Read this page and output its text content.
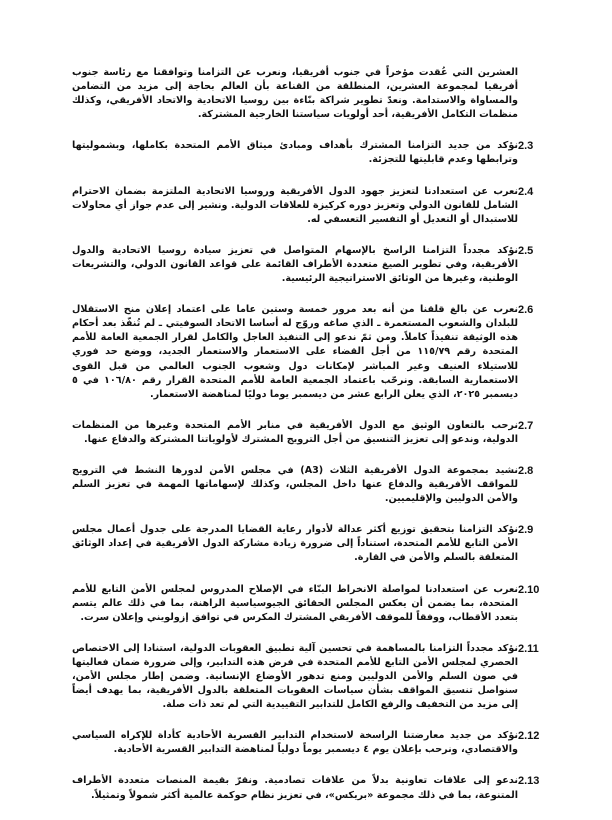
العشرين التي عُقدت مؤخراً في جنوب أفريقيا، ونعرب عن التزامنا وتوافقنا مع رئاسة جنوب أفريقيا لمجموعة العشرين، المنطلقة من القناعة بأن العالم بحاجة إلى مزيد من التضامن والمساواة والاستدامة. ونعدّ تطوير شراكة بنّاءة بين روسيا الاتحادية والاتحاد الأفريقي، وكذلك منظمات التكامل الأفريقية، أحد أولويات سياستنا الخارجية المشتركة.

2.3
نؤكد من جديد التزامنا المشترك بأهداف ومبادئ ميثاق الأمم المتحدة بكاملها، وبشموليتها وترابطها وعدم قابليتها للتجزئة.
2.4
نعرب عن استعدادنا لتعزيز جهود الدول الأفريقية وروسيا الاتحادية الملتزمة بضمان الاحترام الشامل للقانون الدولي وتعزيز دوره كركيزة للعلاقات الدولية. ونشير إلى عدم جواز أي محاولات للاستبدال أو التعديل أو التفسير التعسفي له.
2.5
نؤكد مجدداً التزامنا الراسخ بالإسهام المتواصل في تعزيز سيادة روسيا الاتحادية والدول الأفريقية، وفي تطوير الصيغ متعددة الأطراف القائمة على قواعد القانون الدولي، والتشريعات الوطنية، وغيرها من الوثائق الاستراتيجية الرئيسية.
2.6
نعرب عن بالغ قلقنا من أنه بعد مرور خمسة وستين عاما على اعتماد إعلان منح الاستقلال للبلدان والشعوب المستعمرة ـ الذي صاغه وروّج له أساسا الاتحاد السوفيتي ـ لم تُنفّذ بعد أحكام هذه الوثيقة تنفيذاً كاملاً. ومن ثمّ ندعو إلى التنفيذ العاجل والكامل لقرار الجمعية العامة للأمم المتحدة رقم ١١٥/٧٩ من أجل القضاء على الاستعمار والاستعمار الجديد، ووضع حد فوري للاستيلاء العنيف وغير المباشر لإمكانات دول وشعوب الجنوب العالمي من قبل القوى الاستعمارية السابقة. ونرحّب باعتماد الجمعية العامة للأمم المتحدة القرار رقم ١٠٦/٨٠ في ٥ ديسمبر ٢٠٢٥، الذي يعلن الرابع عشر من ديسمبر يوما دوليًا لمناهضة الاستعمار.
2.7
نرحب بالتعاون الوثيق مع الدول الأفريقية في منابر الأمم المتحدة وغيرها من المنظمات الدولية، وندعو إلى تعزيز التنسيق من أجل الترويج المشترك لأولوياتنا المشتركة والدفاع عنها.
2.8
نشيد بمجموعة الدول الأفريقية الثلاث (A3) في مجلس الأمن لدورها النشط في الترويج للمواقف الأفريقية والدفاع عنها داخل المجلس، وكذلك لإسهاماتها المهمة في تعزيز السلم والأمن الدوليين والإقليميين.
2.9
نؤكد التزامنا بتحقيق توزيع أكثر عدالة لأدوار رعاية القضايا المدرجة على جدول أعمال مجلس الأمن التابع للأمم المتحدة، استناداً إلى ضرورة زيادة مشاركة الدول الأفريقية في إعداد الوثائق المتعلقة بالسلم والأمن في القارة.
2.10
نعرب عن استعدادنا لمواصلة الانخراط البنّاء في الإصلاح المدروس لمجلس الأمن التابع للأمم المتحدة، بما يضمن أن يعكس المجلس الحقائق الجيوسياسية الراهنة، بما في ذلك عالم يتسم بتعدد الأقطاب، ووفقاً للموقف الأفريقي المشترك المكرس في توافق إزولويني وإعلان سرت.
2.11
نؤكد مجدداً التزامنا بالمساهمة في تحسين آلية تطبيق العقوبات الدولية، استنادا إلى الاختصاص الحصري لمجلس الأمن التابع للأمم المتحدة في فرض هذه التدابير، وإلى ضرورة ضمان فعاليتها في صون السلم والأمن الدوليين ومنع تدهور الأوضاع الإنسانية. وضمن إطار مجلس الأمن، سنواصل تنسيق المواقف بشأن سياسات العقوبات المتعلقة بالدول الأفريقية، بما يهدف أيضاً إلى مزيد من التخفيف والرفع الكامل للتدابير التقييدية التي لم تعد ذات صلة.
2.12
نؤكد من جديد معارضتنا الراسخة لاستخدام التدابير القسرية الأحادية كأداة للإكراه السياسي والاقتصادي، ونرحب بإعلان يوم ٤ ديسمبر يوماً دولياً لمناهضة التدابير القسرية الأحادية.
2.13
ندعو إلى علاقات تعاونية بدلاً من علاقات تصادمية. ونقرّ بقيمة المنصات متعددة الأطراف المتنوعة، بما في ذلك مجموعة «بريكس»، في تعزيز نظام حوكمة عالمية أكثر شمولاً وتمثيلاً.
